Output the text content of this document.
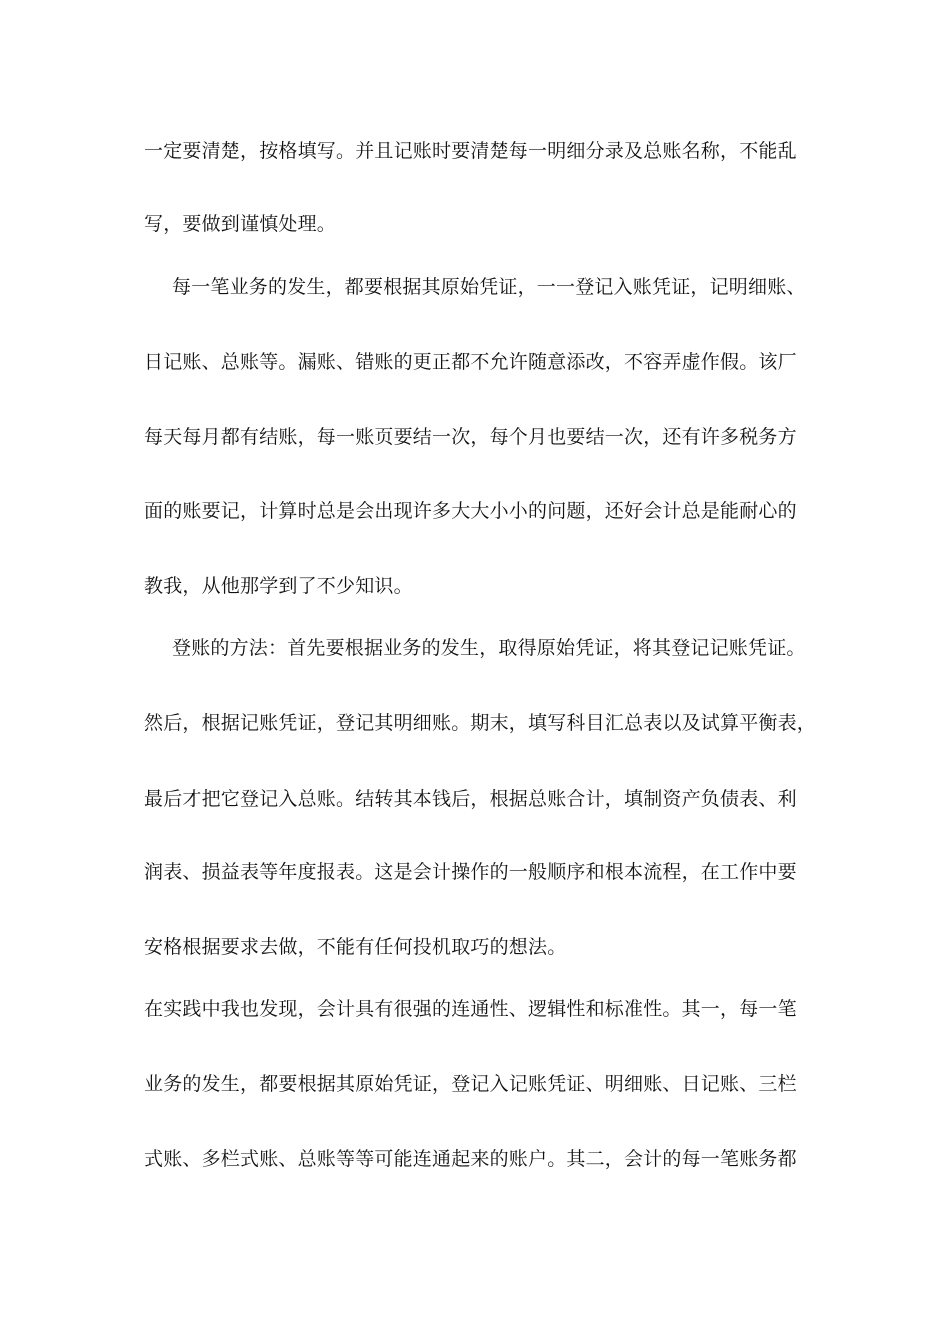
一定要清楚，按格填写。并且记账时要清楚每一明细分录及总账名称，不能乱
写，要做到谨慎处理。
每一笔业务的发生，都要根据其原始凭证，一一登记入账凭证，记明细账、
日记账、总账等。漏账、错账的更正都不允许随意添改，不容弄虚作假。该厂
每天每月都有结账，每一账页要结一次，每个月也要结一次，还有许多税务方
面的账要记，计算时总是会出现许多大大小小的问题，还好会计总是能耐心的
教我，从他那学到了不少知识。
登账的方法：首先要根据业务的发生，取得原始凭证，将其登记记账凭证。
然后，根据记账凭证，登记其明细账。期末，填写科目汇总表以及试算平衡表，
最后才把它登记入总账。结转其本钱后，根据总账合计，填制资产负债表、利
润表、损益表等年度报表。这是会计操作的一般顺序和根本流程，在工作中要
安格根据要求去做，不能有任何投机取巧的想法。
在实践中我也发现，会计具有很强的连通性、逻辑性和标准性。其一，每一笔
业务的发生，都要根据其原始凭证，登记入记账凭证、明细账、日记账、三栏
式账、多栏式账、总账等等可能连通起来的账户。其二，会计的每一笔账务都
